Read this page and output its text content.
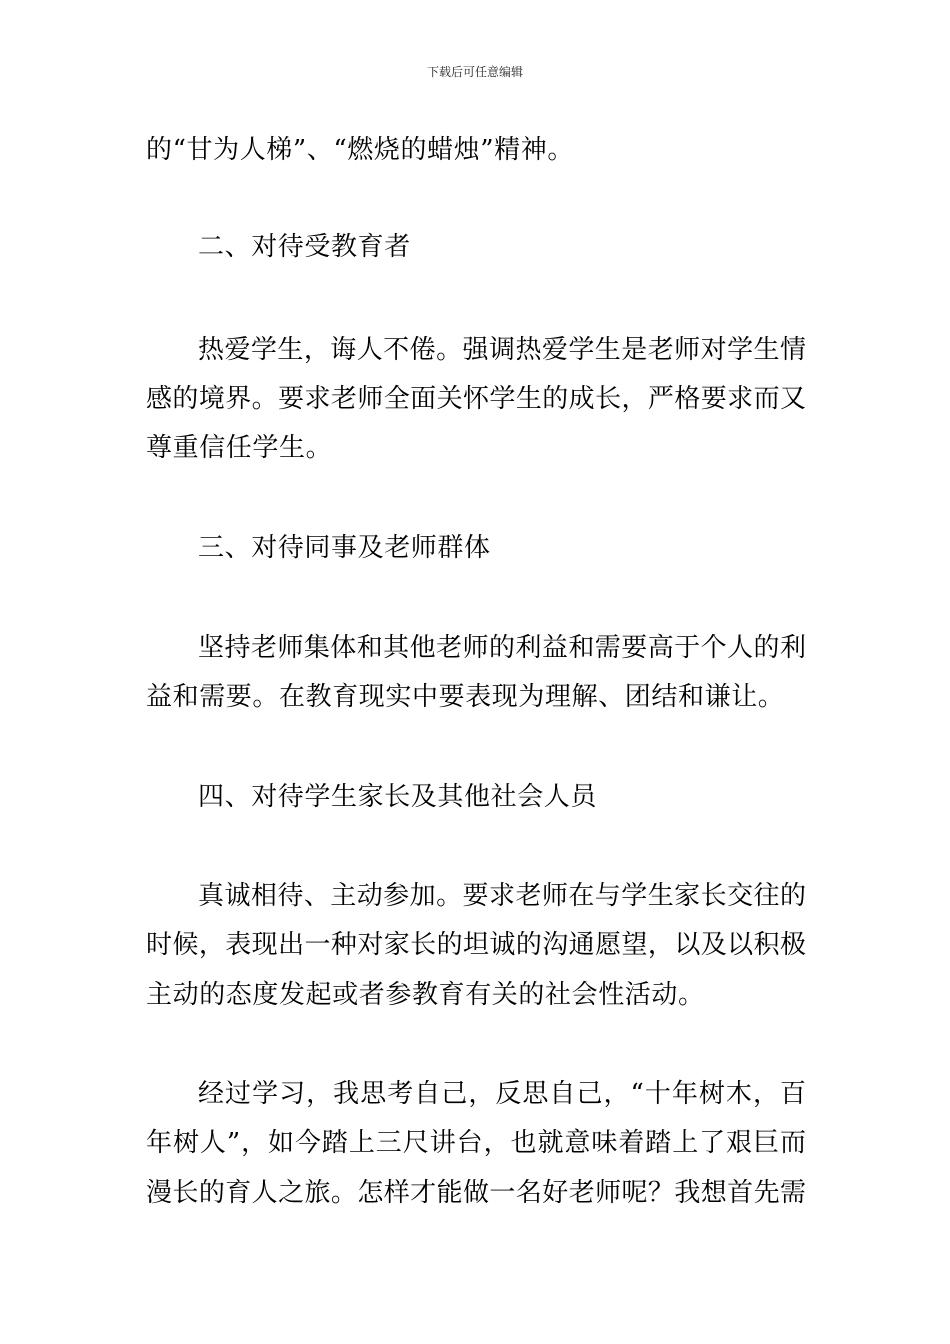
下载后可任意编辑
的“甘为人梯”、“燃烧的蜡烛”精神。
二、对待受教育者
热爱学生，诲人不倦。强调热爱学生是老师对学生情
感的境界。要求老师全面关怀学生的成长，严格要求而又
尊重信任学生。
三、对待同事及老师群体
坚持老师集体和其他老师的利益和需要高于个人的利
益和需要。在教育现实中要表现为理解、团结和谦让。
四、对待学生家长及其他社会人员
真诚相待、主动参加。要求老师在与学生家长交往的
时候，表现出一种对家长的坦诚的沟通愿望，以及以积极
主动的态度发起或者参教育有关的社会性活动。
经过学习，我思考自己，反思自己，“十年树木，百
年树人”，如今踏上三尺讲台，也就意味着踏上了艰巨而
漫长的育人之旅。怎样才能做一名好老师呢？我想首先需
